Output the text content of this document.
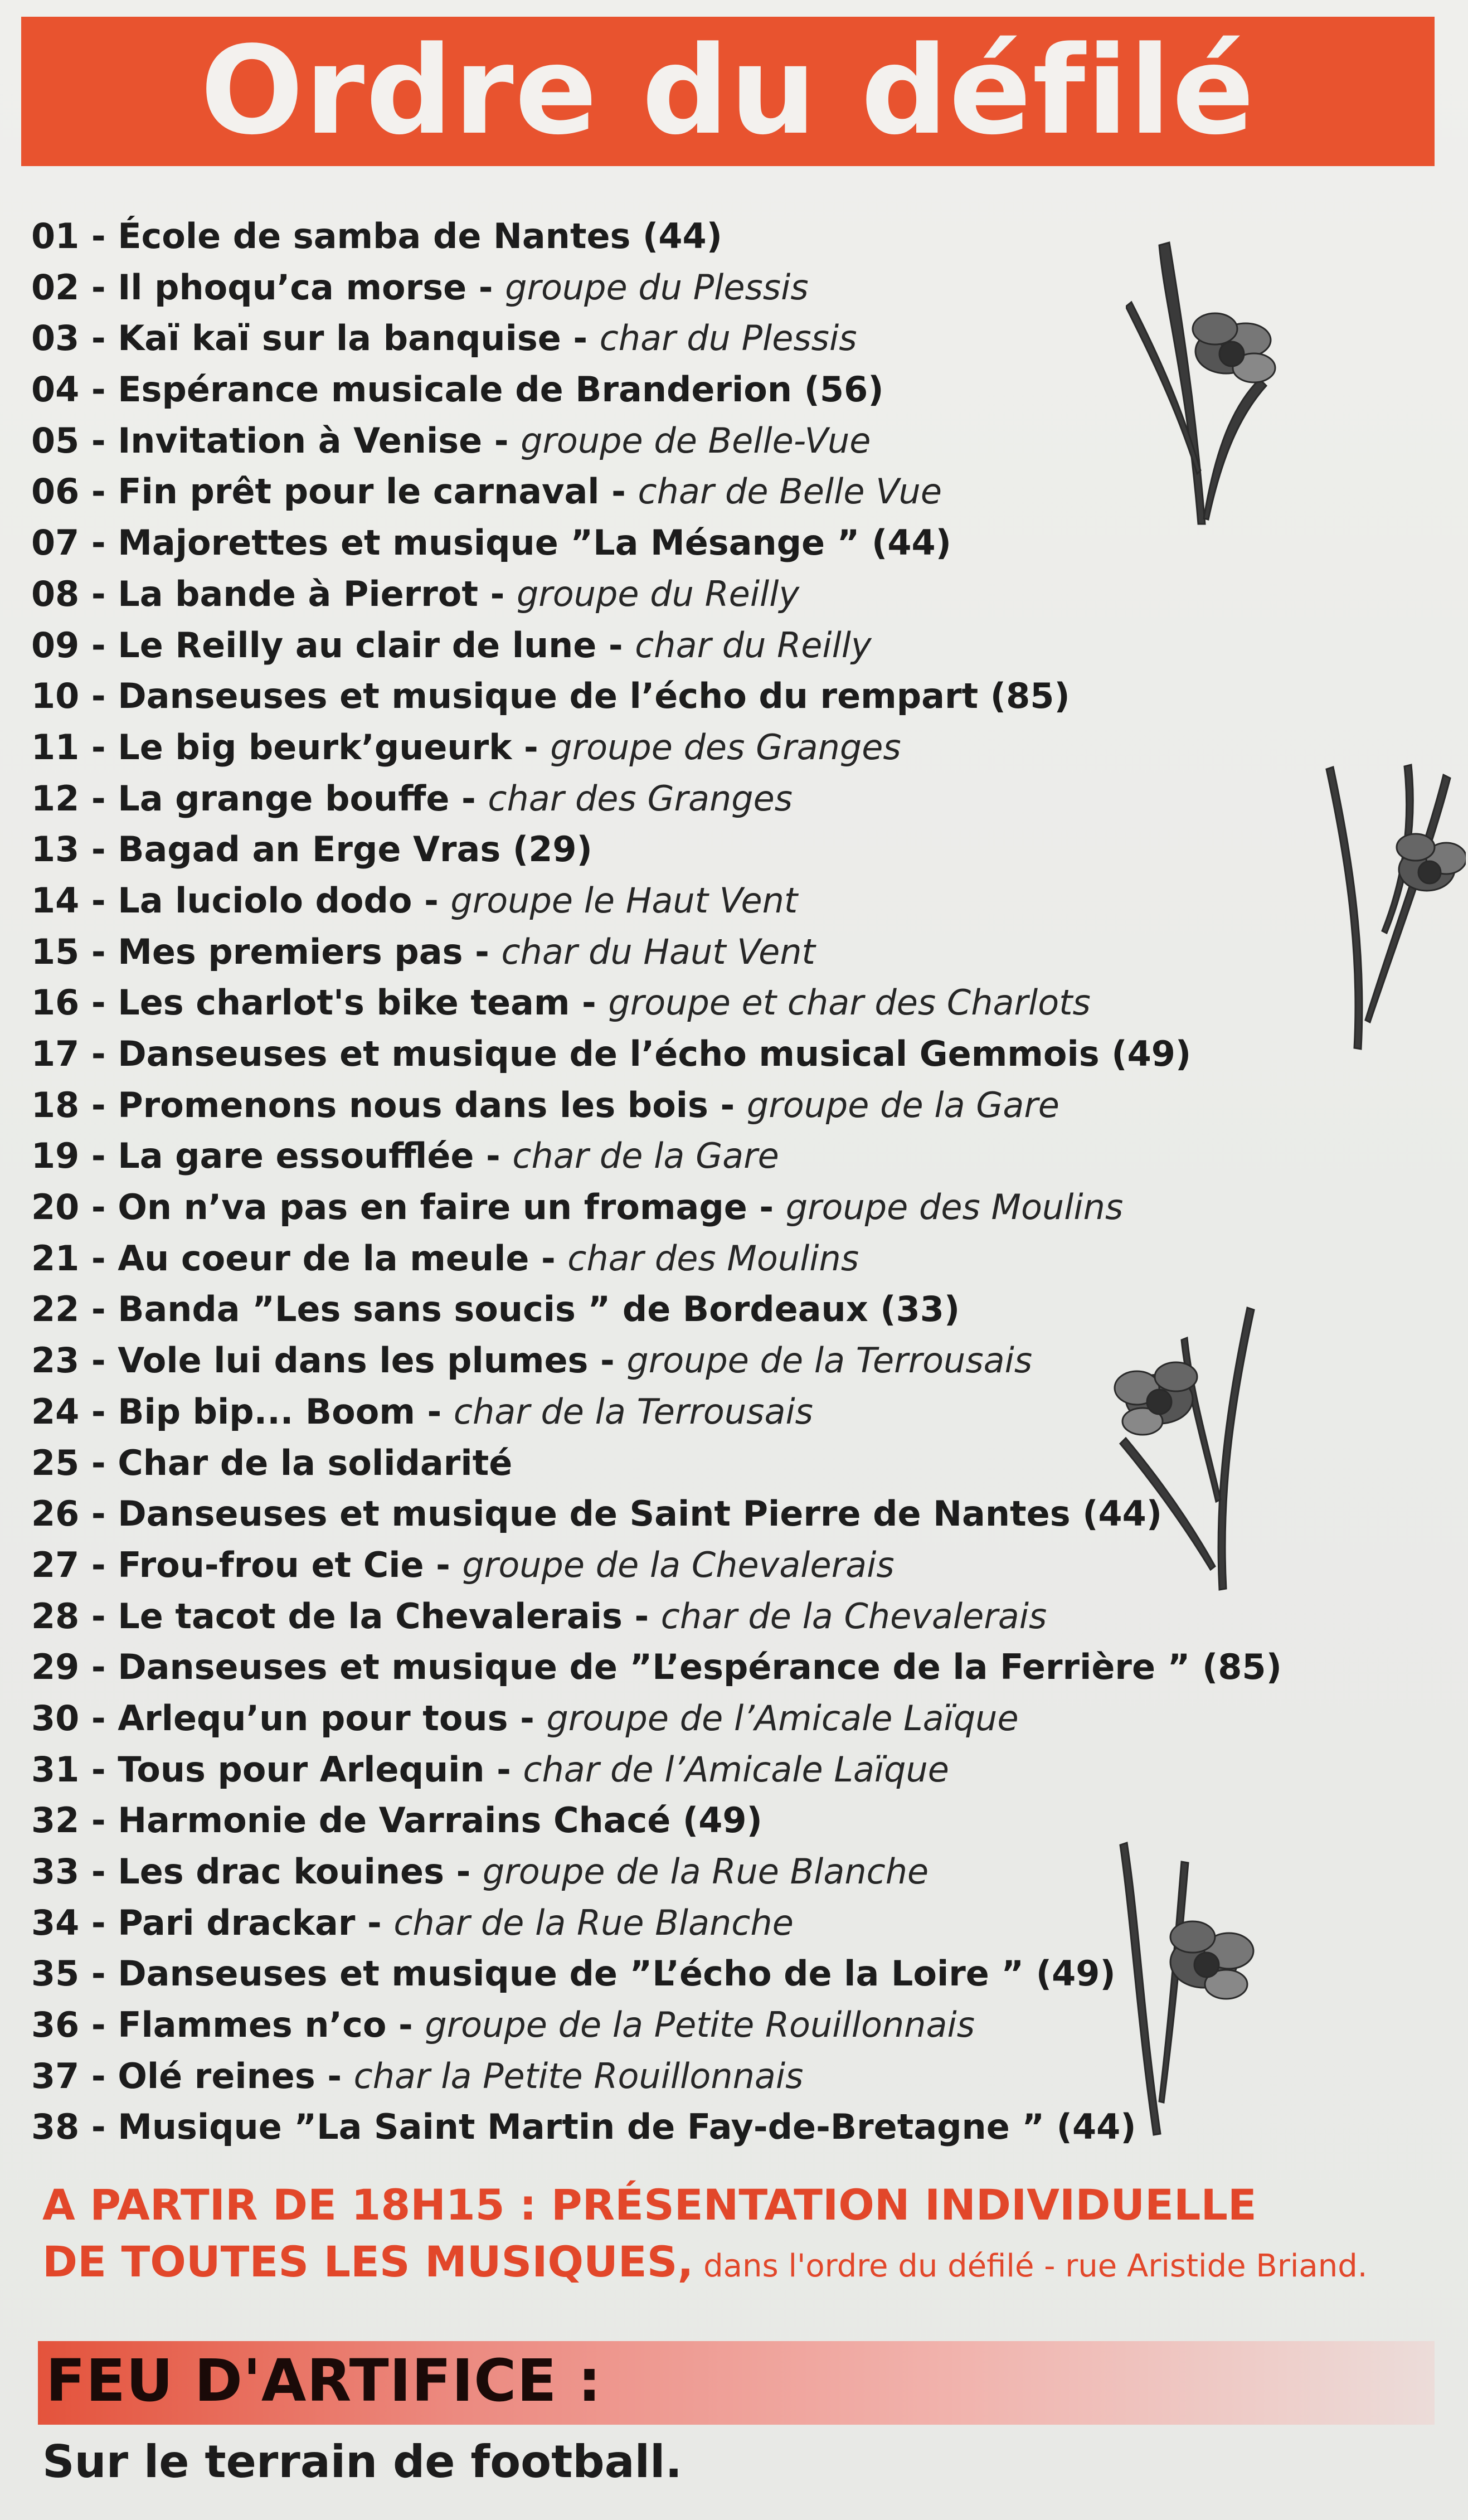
Ordre du défilé
01 - École de samba de Nantes (44)
02 - Il phoqu’ca morse - groupe du Plessis
03 - Kaï kaï sur la banquise - char du Plessis
04 - Espérance musicale de Branderion (56)
05 - Invitation à Venise - groupe de Belle-Vue
06 - Fin prêt pour le carnaval - char de Belle Vue
07 - Majorettes et musique ”La Mésange ” (44)
08 - La bande à Pierrot - groupe du Reilly
09 - Le Reilly au clair de lune - char du Reilly
10 - Danseuses et musique de l’écho du rempart (85)
11 - Le big beurk’gueurk - groupe des Granges
12 - La grange bouffe - char des Granges
13 - Bagad an Erge Vras (29)
14 - La luciolo dodo - groupe le Haut Vent
15 - Mes premiers pas - char du Haut Vent
16 - Les charlot's bike team - groupe et char des Charlots
17 - Danseuses et musique de l’écho musical Gemmois (49)
18 - Promenons nous dans les bois - groupe de la Gare
19 - La gare essoufflée - char de la Gare
20 - On n’va pas en faire un fromage - groupe des Moulins
21 - Au coeur de la meule - char des Moulins
22 - Banda ”Les sans soucis ” de Bordeaux (33)
23 - Vole lui dans les plumes - groupe de la Terrousais
24 - Bip bip... Boom - char de la Terrousais
25 - Char de la solidarité
26 - Danseuses et musique de Saint Pierre de Nantes (44)
27 - Frou-frou et Cie - groupe de la Chevalerais
28 - Le tacot de la Chevalerais - char de la Chevalerais
29 - Danseuses et musique de ”L’espérance de la Ferrière ” (85)
30 - Arlequ’un pour tous - groupe de l’Amicale Laïque
31 - Tous pour Arlequin - char de l’Amicale Laïque
32 - Harmonie de Varrains Chacé (49)
33 - Les drac kouines - groupe de la Rue Blanche
34 - Pari drackar - char de la Rue Blanche
35 - Danseuses et musique de ”L’écho de la Loire ” (49)
36 - Flammes n’co - groupe de la Petite Rouillonnais
37 - Olé reines - char la Petite Rouillonnais
38 - Musique ”La Saint Martin de Fay-de-Bretagne ” (44)
A PARTIR DE 18H15 : PRÉSENTATION INDIVIDUELLE
DE TOUTES LES MUSIQUES, dans l'ordre du défilé - rue Aristide Briand.
FEU D'ARTIFICE :
Sur le terrain de football.
